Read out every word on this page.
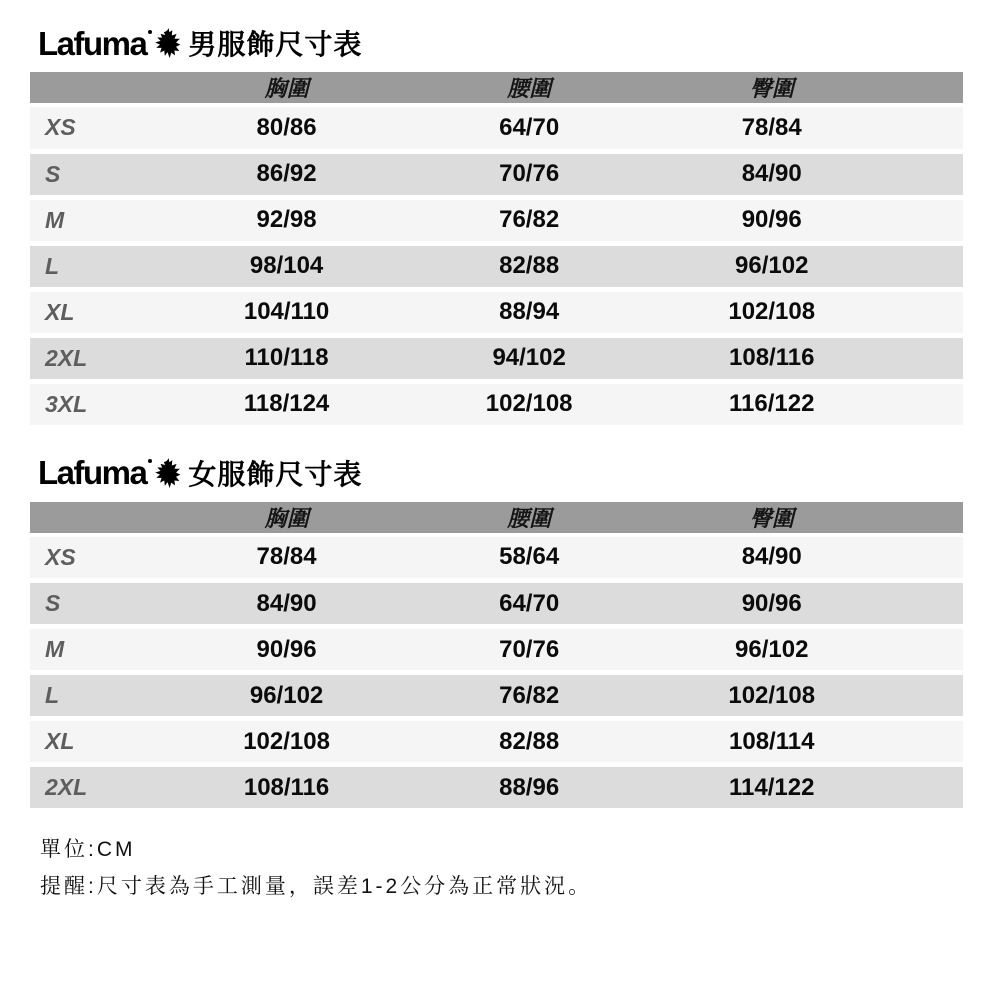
Lafuma 男服飾尺寸表
	胸圍	腰圍	臀圍	
XS	80/86	64/70	78/84	
S	86/92	70/76	84/90	
M	92/98	76/82	90/96	
L	98/104	82/88	96/102	
XL	104/110	88/94	102/108	
2XL	110/118	94/102	108/116	
3XL	118/124	102/108	116/122	
Lafuma 女服飾尺寸表
	胸圍	腰圍	臀圍	
XS	78/84	58/64	84/90	
S	84/90	64/70	90/96	
M	90/96	70/76	96/102	
L	96/102	76/82	102/108	
XL	102/108	82/88	108/114	
2XL	108/116	88/96	114/122	

單位:CM

提醒:尺寸表為手工測量，誤差1-2公分為正常狀況。
